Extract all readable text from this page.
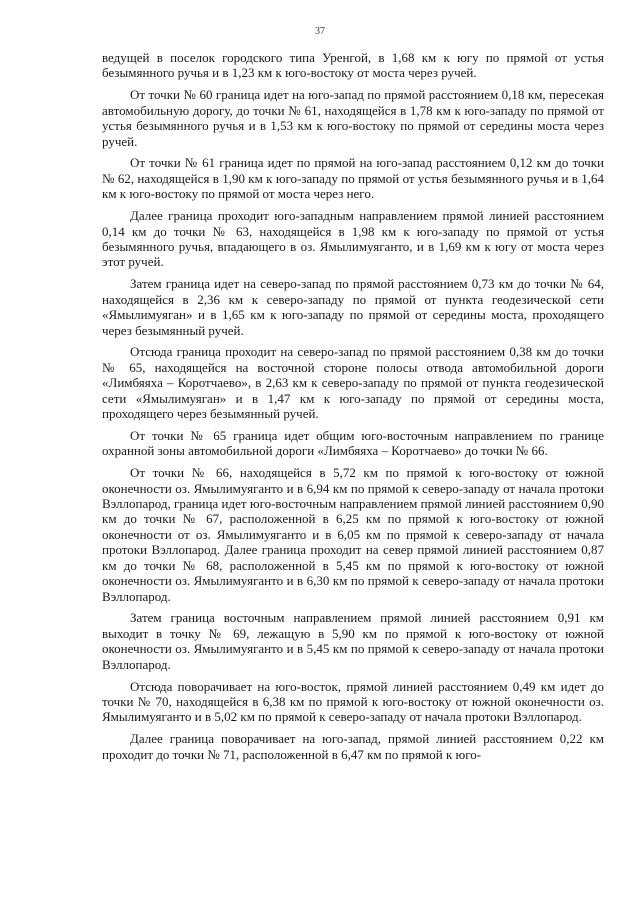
37

ведущей в поселок городского типа Уренгой, в 1,68 км к югу по прямой от устья безымянного ручья и в 1,23 км к юго-востоку от моста через ручей.

От точки № 60 граница идет на юго-запад по прямой расстоянием 0,18 км, пересекая автомобильную дорогу, до точки № 61, находящейся в 1,78 км к юго-западу по прямой от устья безымянного ручья и в 1,53 км к юго-востоку по прямой от середины моста через ручей.

От точки № 61 граница идет по прямой на юго-запад расстоянием 0,12 км до точки № 62, находящейся в 1,90 км к юго-западу по прямой от устья безымянного ручья и в 1,64 км к юго-востоку по прямой от моста через него.

Далее граница проходит юго-западным направлением прямой линией расстоянием 0,14 км до точки № 63, находящейся в 1,98 км к юго-западу по прямой от устья безымянного ручья, впадающего в оз. Ямылимуяганто, и в 1,69 км к югу от моста через этот ручей.

Затем граница идет на северо-запад по прямой расстоянием 0,73 км до точки № 64, находящейся в 2,36 км к северо-западу по прямой от пункта геодезической сети «Ямылимуяган» и в 1,65 км к юго-западу по прямой от середины моста, проходящего через безымянный ручей.

Отсюда граница проходит на северо-запад по прямой расстоянием 0,38 км до точки № 65, находящейся на восточной стороне полосы отвода автомобильной дороги «Лимбяяха – Коротчаево», в 2,63 км к северо-западу по прямой от пункта геодезической сети «Ямылимуяган» и в 1,47 км к юго-западу по прямой от середины моста, проходящего через безымянный ручей.

От точки № 65 граница идет общим юго-восточным направлением по границе охранной зоны автомобильной дороги «Лимбяяха – Коротчаево» до точки № 66.

От точки № 66, находящейся в 5,72 км по прямой к юго-востоку от южной оконечности оз. Ямылимуяганто и в 6,94 км по прямой к северо-западу от начала протоки Вэллопарод, граница идет юго-восточным направлением прямой линией расстоянием 0,90 км до точки № 67, расположенной в 6,25 км по прямой к юго-востоку от южной оконечности от оз. Ямылимуяганто и в 6,05 км по прямой к северо-западу от начала протоки Вэллопарод. Далее граница проходит на север прямой линией расстоянием 0,87 км до точки № 68, расположенной в 5,45 км по прямой к юго-востоку от южной оконечности оз. Ямылимуяганто и в 6,30 км по прямой к северо-западу от начала протоки Вэллопарод.

Затем граница восточным направлением прямой линией расстоянием 0,91 км выходит в точку № 69, лежащую в 5,90 км по прямой к юго-востоку от южной оконечности оз. Ямылимуяганто и в 5,45 км по прямой к северо-западу от начала протоки Вэллопарод.

Отсюда поворачивает на юго-восток, прямой линией расстоянием 0,49 км идет до точки № 70, находящейся в 6,38 км по прямой к юго-востоку от южной оконечности оз. Ямылимуяганто и в 5,02 км по прямой к северо-западу от начала протоки Вэллопарод.

Далее граница поворачивает на юго-запад, прямой линией расстоянием 0,22 км проходит до точки № 71, расположенной в 6,47 км по прямой к юго-
